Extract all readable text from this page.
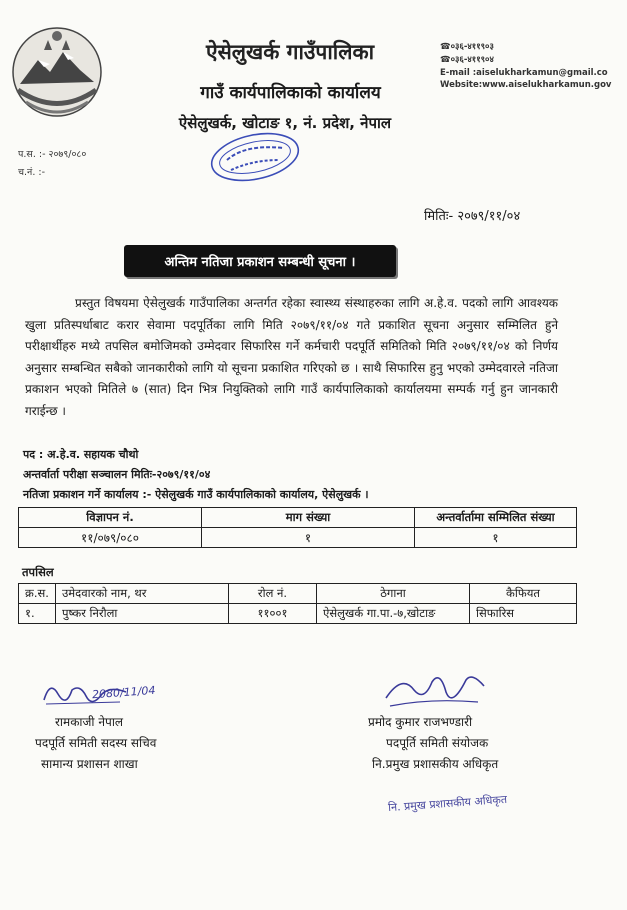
ऐसेलुखर्क गाउँपालिका
गाउँ कार्यपालिकाको कार्यालय
ऐसेलुखर्क, खोटाङ १, नं. प्रदेश, नेपाल
☎०३६-४११९०३
☎०३६-४११९०४
E-mail :aiselukharkamun@gmail.co
Website:www.aiselukharkamun.gov
प.स. :- २०७९/०८०
च.नं. :-
मितिः- २०७९/११/०४
अन्तिम नतिजा प्रकाशन सम्बन्धी सूचना ।

प्रस्तुत विषयमा ऐसेलुखर्क गाउँपालिका अन्तर्गत रहेका स्वास्थ्य संस्थाहरुका लागि अ.हे.व. पदको लागि आवश्यक खुला प्रतिस्पर्धाबाट करार सेवामा पदपूर्तिका लागि मिति २०७९/११/०४ गते प्रकाशित सूचना अनुसार सम्मिलित हुने परीक्षार्थीहरु मध्ये तपसिल बमोजिमको उम्मेदवार सिफारिस गर्ने कर्मचारी पदपूर्ति समितिको मिति २०७९/११/०४ को निर्णय अनुसार सम्बन्धित सबैको जानकारीको लागि यो सूचना प्रकाशित गरिएको छ । साथै सिफारिस हुनु भएको उम्मेदवारले नतिजा प्रकाशन भएको मितिले ७ (सात) दिन भित्र नियुक्तिको लागि गाउँ कार्यपालिकाको कार्यालयमा सम्पर्क गर्नु हुन जानकारी गराईन्छ ।

पद : अ.हे.व. सहायक चौथो
अन्तर्वार्ता परीक्षा सञ्चालन मितिः-२०७९/११/०४
नतिजा प्रकाशन गर्ने कार्यालय :- ऐसेलुखर्क गाउँ कार्यपालिकाको कार्यालय, ऐसेलुखर्क ।
विज्ञापन नं.	माग संख्या	अन्तर्वार्तामा सम्मिलित संख्या
११/०७९/०८०	१	१
तपसिल
क्र.स.	उमेदवारको नाम, थर	रोल नं.	ठेगाना	कैफियत
१.	पुष्कर निरौला	११००१	ऐसेलुखर्क गा.पा.-७,खोटाङ	सिफारिस
2080/11/04
रामकाजी नेपाल
पदपूर्ति समिती सदस्य सचिव
सामान्य प्रशासन शाखा
प्रमोद कुमार राजभण्डारी
पदपूर्ति समिती संयोजक
नि.प्रमुख प्रशासकीय अधिकृत
नि. प्रमुख प्रशासकीय अधिकृत
